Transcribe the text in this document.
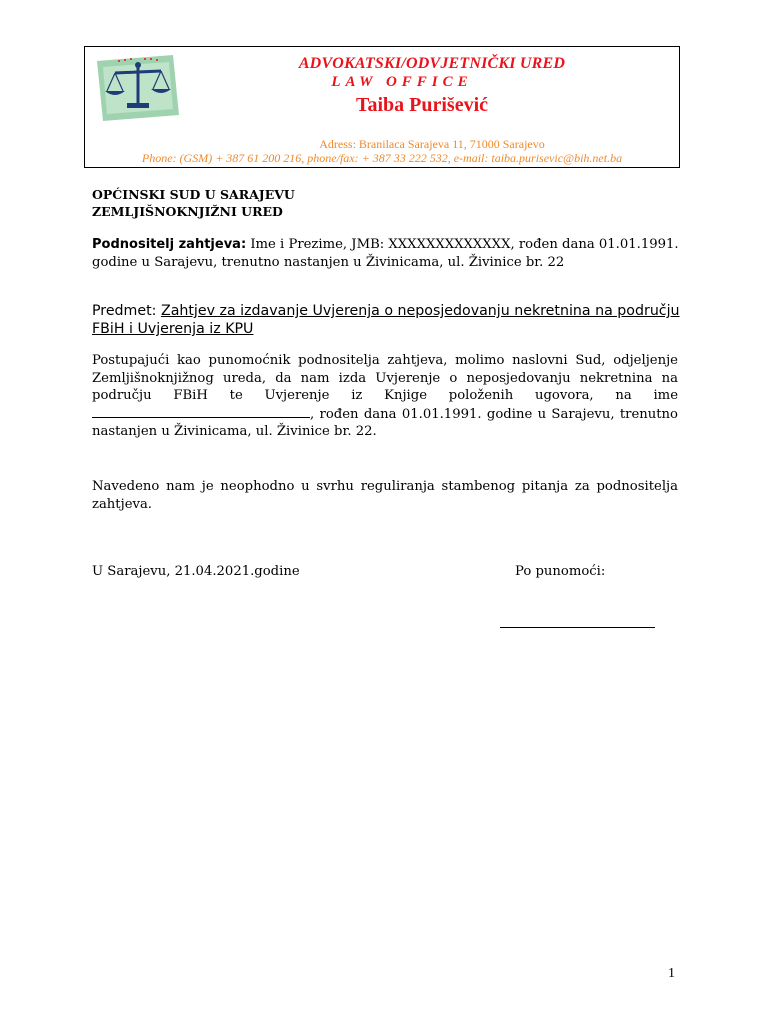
ADVOKATSKI/ODVJETNIČKI URED
LAW OFFICE
Taiba Purišević
Adress: Branilaca Sarajeva 11, 71000 Sarajevo
Phone: (GSM) + 387 61 200 216, phone/fax: + 387 33 222 532, e-mail: taiba.purisevic@bih.net.ba
OPĆINSKI SUD U SARAJEVU
ZEMLJIŠNOKNJIŽNI URED
Podnositelj zahtjeva: Ime i Prezime, JMB: XXXXXXXXXXXXX, rođen dana 01.01.1991. godine u Sarajevu, trenutno nastanjen u Živinicama, ul. Živinice br. 22
Predmet: Zahtjev za izdavanje Uvjerenja o neposjedovanju nekretnina na području FBiH i Uvjerenja iz KPU
Postupajući kao punomoćnik podnositelja zahtjeva, molimo naslovni Sud, odjeljenje Zemljišnoknjižnog ureda, da nam izda Uvjerenje o neposjedovanju nekretnina na području FBiH te Uvjerenje iz Knjige položenih ugovora, na ime , rođen dana 01.01.1991. godine u Sarajevu, trenutno nastanjen u Živinicama, ul. Živinice br. 22.
Navedeno nam je neophodno u svrhu reguliranja stambenog pitanja za podnositelja zahtjeva.
U Sarajevu, 21.04.2021.godine	Po punomoći:
1
